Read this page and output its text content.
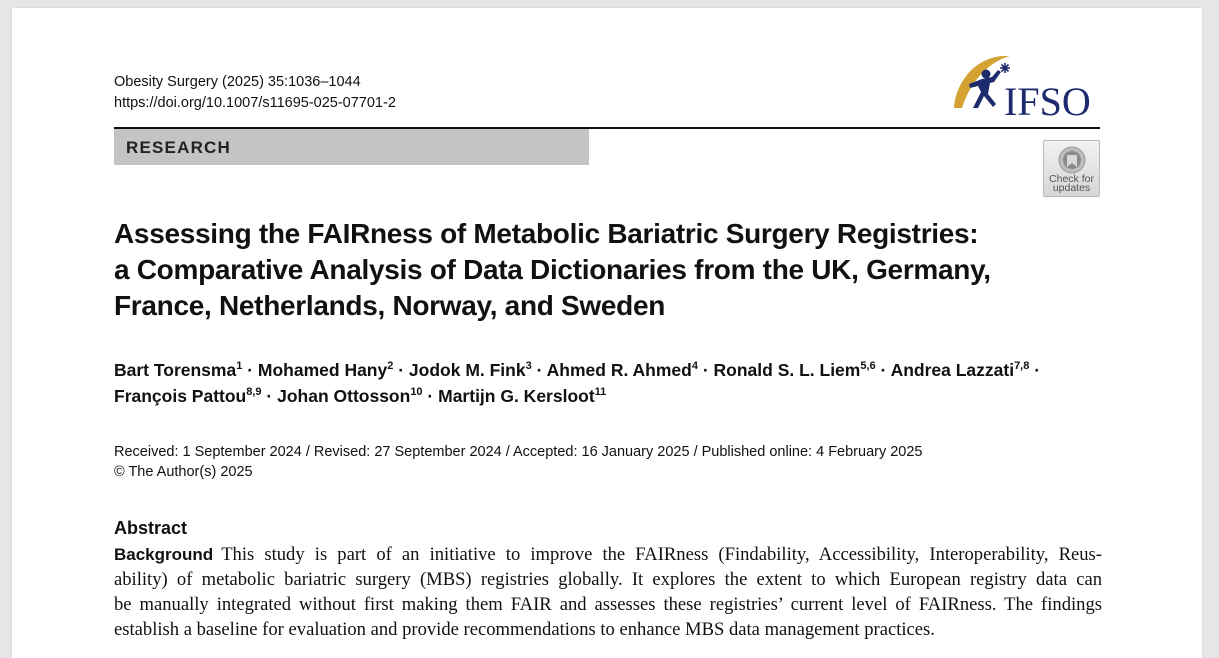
Obesity Surgery (2025) 35:1036–1044
https://doi.org/10.1007/s11695-025-07701-2	IFSO
RESEARCH
Check for
updates
Assessing the FAIRness of Metabolic Bariatric Surgery Registries:
a Comparative Analysis of Data Dictionaries from the UK, Germany,
France, Netherlands, Norway, and Sweden
Bart Torensma$^1$ · Mohamed Hany$^2$ · Jodok M. Fink$^3$ · Ahmed R. Ahmed$^4$ · Ronald S. L. Liem$^{5,6}$ · Andrea Lazzati$^{7,8}$ ·
François Pattou$^{8,9}$ · Johan Ottosson$^{10}$ · Martijn G. Kersloot$^{11}$
Received: 1 September 2024 / Revised: 27 September 2024 / Accepted: 16 January 2025 / Published online: 4 February 2025
© The Author(s) 2025
Abstract
Background This study is part of an initiative to improve the FAIRness (Findability, Accessibility, Interoperability, Reus-
ability) of metabolic bariatric surgery (MBS) registries globally. It explores the extent to which European registry data can
be manually integrated without first making them FAIR and assesses these registries’ current level of FAIRness. The findings
establish a baseline for evaluation and provide recommendations to enhance MBS data management practices.
